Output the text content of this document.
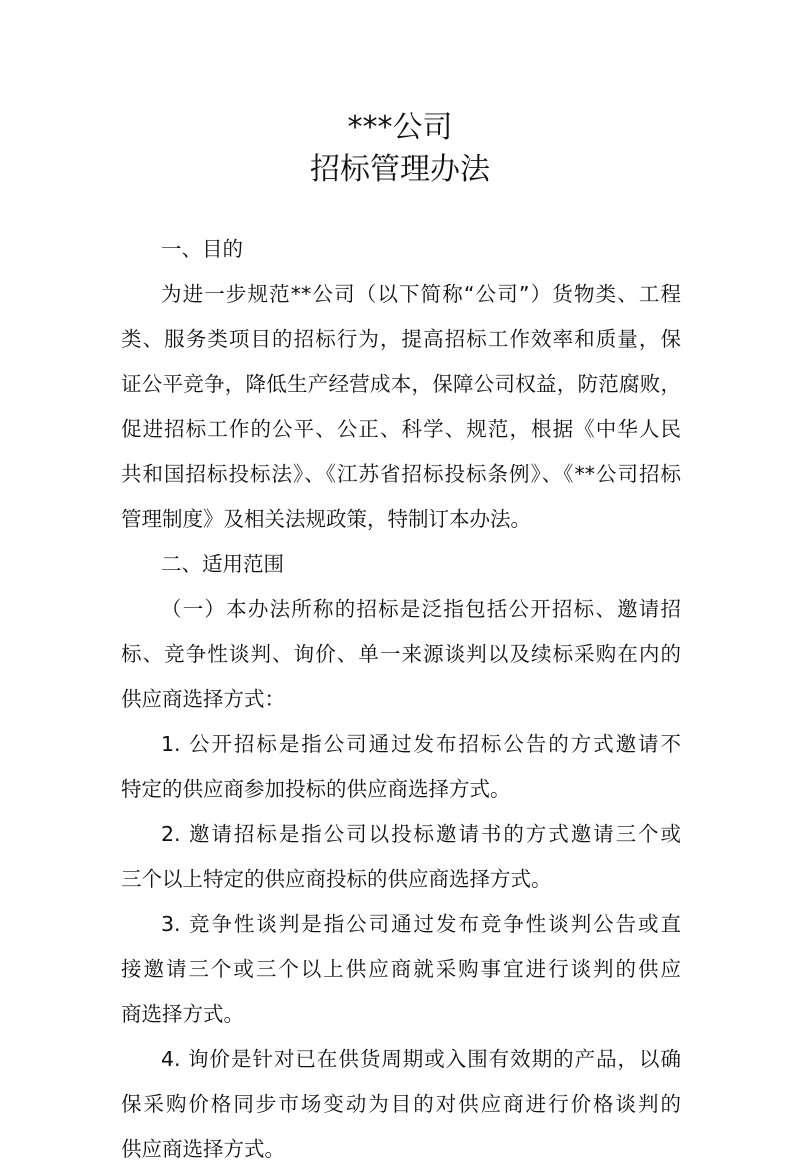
***公司
招标管理办法
一、目的
为进一步规范**公司（以下简称“公司”）货物类、工程
类、服务类项目的招标行为，提高招标工作效率和质量，保
证公平竞争，降低生产经营成本，保障公司权益，防范腐败，
促进招标工作的公平、公正、科学、规范，根据《中华人民
共和国招标投标法》、《江苏省招标投标条例》、《**公司招标
管理制度》及相关法规政策，特制订本办法。
二、适用范围
（一）本办法所称的招标是泛指包括公开招标、邀请招
标、竞争性谈判、询价、单一来源谈判以及续标采购在内的
供应商选择方式：
1. 公开招标是指公司通过发布招标公告的方式邀请不
特定的供应商参加投标的供应商选择方式。
2. 邀请招标是指公司以投标邀请书的方式邀请三个或
三个以上特定的供应商投标的供应商选择方式。
3. 竞争性谈判是指公司通过发布竞争性谈判公告或直
接邀请三个或三个以上供应商就采购事宜进行谈判的供应
商选择方式。
4. 询价是针对已在供货周期或入围有效期的产品，以确
保采购价格同步市场变动为目的对供应商进行价格谈判的
供应商选择方式。
